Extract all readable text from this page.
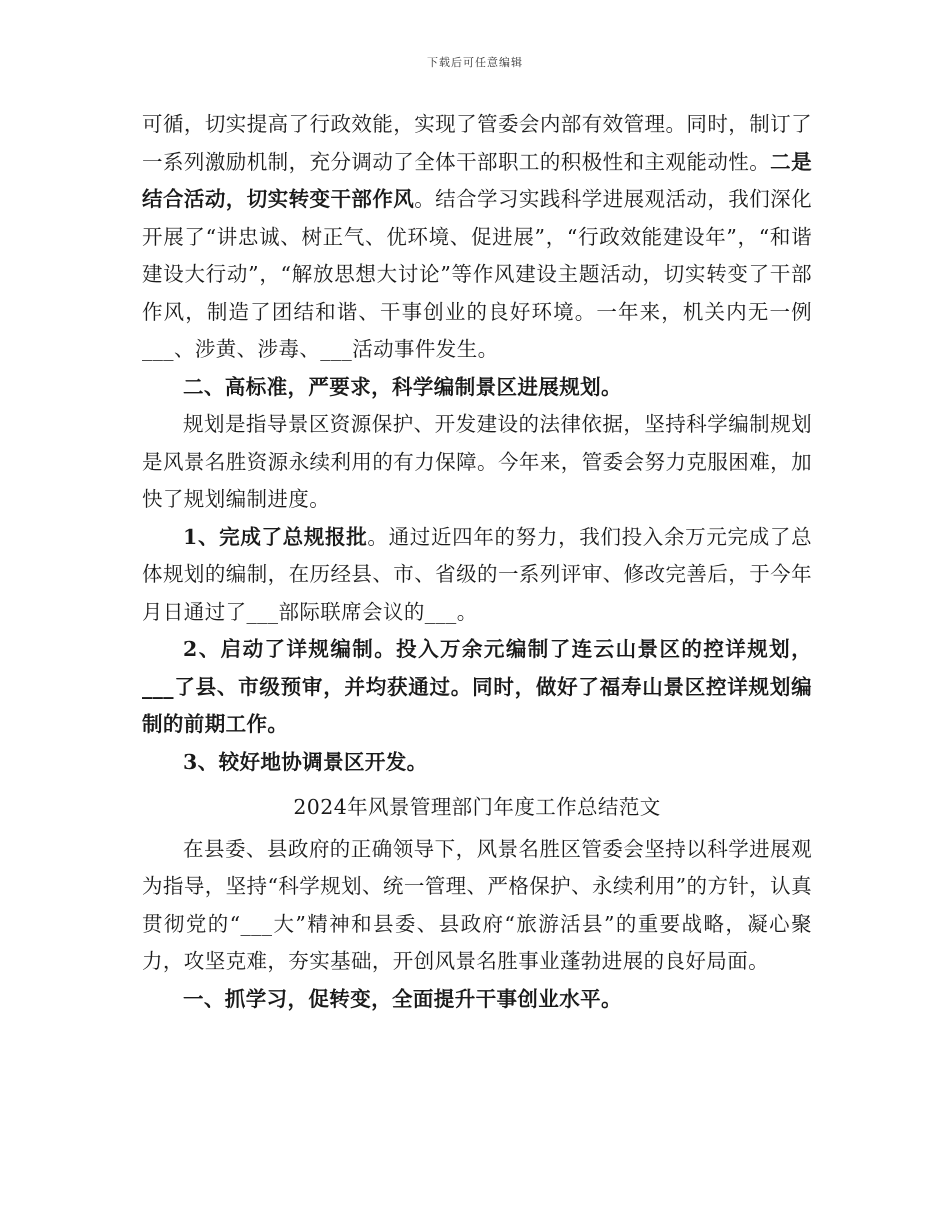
下载后可任意编辑

可循，切实提高了行政效能，实现了管委会内部有效管理。同时，制订了一系列激励机制，充分调动了全体干部职工的积极性和主观能动性。二是结合活动，切实转变干部作风。结合学习实践科学进展观活动，我们深化开展了“讲忠诚、树正气、优环境、促进展”，“行政效能建设年”，“和谐建设大行动”，“解放思想大讨论”等作风建设主题活动，切实转变了干部作风，制造了团结和谐、干事创业的良好环境。一年来，机关内无一例___、涉黄、涉毒、___活动事件发生。

二、高标准，严要求，科学编制景区进展规划。

规划是指导景区资源保护、开发建设的法律依据，坚持科学编制规划是风景名胜资源永续利用的有力保障。今年来，管委会努力克服困难，加快了规划编制进度。

1、完成了总规报批。通过近四年的努力，我们投入余万元完成了总体规划的编制，在历经县、市、省级的一系列评审、修改完善后，于今年月日通过了___部际联席会议的___。

2、启动了详规编制。投入万余元编制了连云山景区的控详规划，___了县、市级预审，并均获通过。同时，做好了福寿山景区控详规划编制的前期工作。

3、较好地协调景区开发。

2024年风景管理部门年度工作总结范文

在县委、县政府的正确领导下，风景名胜区管委会坚持以科学进展观为指导，坚持“科学规划、统一管理、严格保护、永续利用”的方针，认真贯彻党的“___大”精神和县委、县政府“旅游活县”的重要战略，凝心聚力，攻坚克难，夯实基础，开创风景名胜事业蓬勃进展的良好局面。

一、抓学习，促转变，全面提升干事创业水平。
